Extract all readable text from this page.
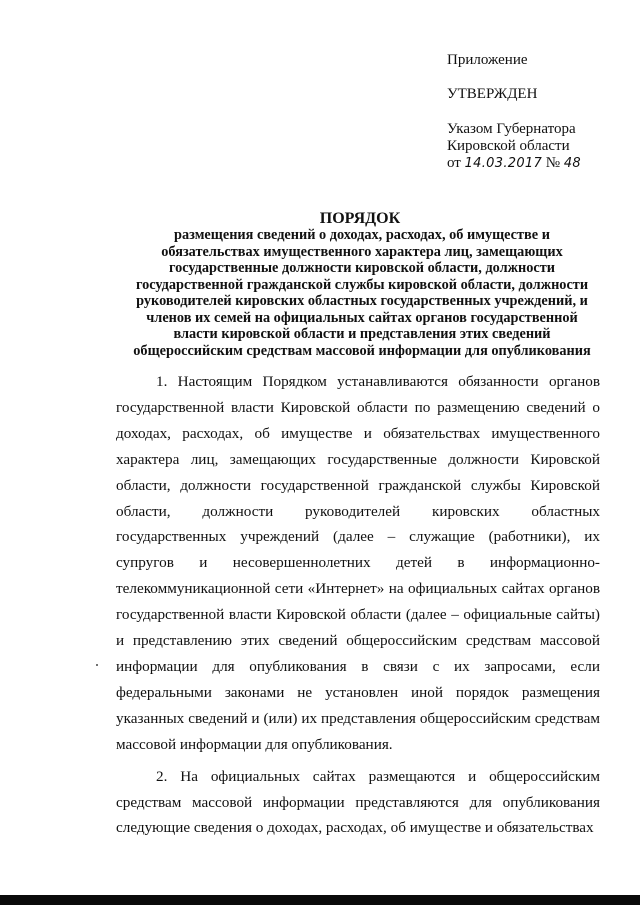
Приложение
УТВЕРЖДЕН
Указом Губернатора
Кировской области
от 14.03.2017 № 48
ПОРЯДОК
размещения сведений о доходах, расходах, об имуществе и
обязательствах имущественного характера лиц, замещающих
государственные должности кировской области, должности
государственной гражданской службы кировской области, должности
руководителей кировских областных государственных учреждений, и
членов их семей на официальных сайтах органов государственной
власти кировской области и представления этих сведений
общероссийским средствам массовой информации для опубликования

1. Настоящим Порядком устанавливаются обязанности органов государственной власти Кировской области по размещению сведений о доходах, расходах, об имуществе и обязательствах имущественного характера лиц, замещающих государственные должности Кировской области, должности государственной гражданской службы Кировской области, должности руководителей кировских областных государственных учреждений (далее – служащие (работники), их супругов и несовершеннолетних детей в информационно-телекоммуникационной сети «Интернет» на официальных сайтах органов государственной власти Кировской области (далее – официальные сайты) и представлению этих сведений общероссийским средствам массовой информации для опубликования в связи с их запросами, если федеральными законами не установлен иной порядок размещения указанных сведений и (или) их представления общероссийским средствам массовой информации для опубликования.

2. На официальных сайтах размещаются и общероссийским средствам массовой информации представляются для опубликования следующие сведения о доходах, расходах, об имуществе и обязательствах
